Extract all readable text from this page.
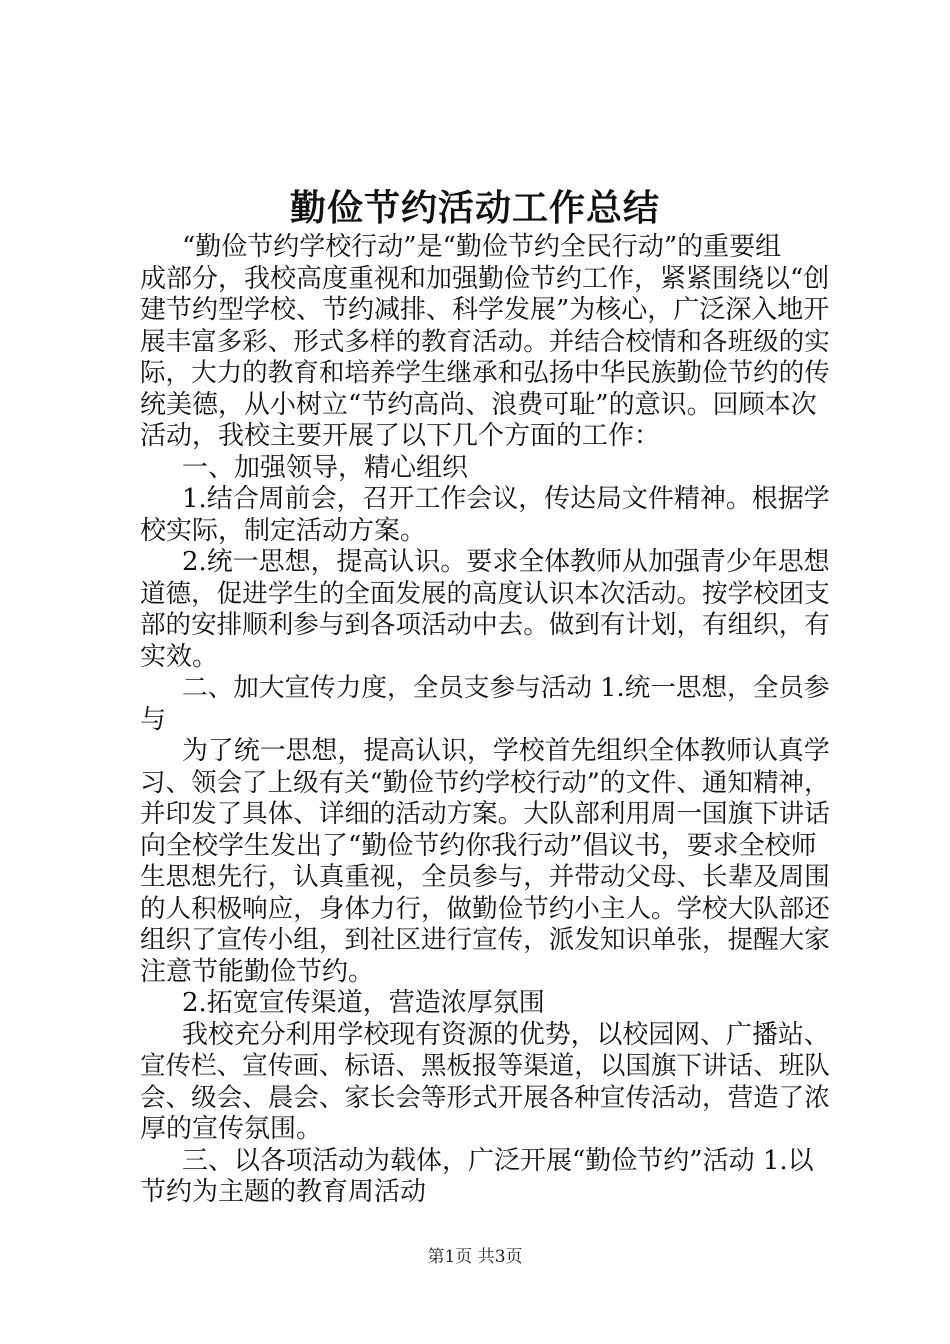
勤俭节约活动工作总结
“勤俭节约学校行动”是“勤俭节约全民行动”的重要组
成部分，我校高度重视和加强勤俭节约工作，紧紧围绕以“创
建节约型学校、节约减排、科学发展”为核心，广泛深入地开
展丰富多彩、形式多样的教育活动。并结合校情和各班级的实
际，大力的教育和培养学生继承和弘扬中华民族勤俭节约的传
统美德，从小树立“节约高尚、浪费可耻”的意识。回顾本次
活动，我校主要开展了以下几个方面的工作：
一、加强领导，精心组织
1.结合周前会，召开工作会议，传达局文件精神。根据学
校实际，制定活动方案。
2.统一思想，提高认识。要求全体教师从加强青少年思想
道德，促进学生的全面发展的高度认识本次活动。按学校团支
部的安排顺利参与到各项活动中去。做到有计划，有组织，有
实效。
二、加大宣传力度，全员支参与活动 1.统一思想，全员参
与
为了统一思想，提高认识，学校首先组织全体教师认真学
习、领会了上级有关“勤俭节约学校行动”的文件、通知精神，
并印发了具体、详细的活动方案。大队部利用周一国旗下讲话
向全校学生发出了“勤俭节约你我行动”倡议书，要求全校师
生思想先行，认真重视，全员参与，并带动父母、长辈及周围
的人积极响应，身体力行，做勤俭节约小主人。学校大队部还
组织了宣传小组，到社区进行宣传，派发知识单张，提醒大家
注意节能勤俭节约。
2.拓宽宣传渠道，营造浓厚氛围
我校充分利用学校现有资源的优势，以校园网、广播站、
宣传栏、宣传画、标语、黑板报等渠道，以国旗下讲话、班队
会、级会、晨会、家长会等形式开展各种宣传活动，营造了浓
厚的宣传氛围。
三、以各项活动为载体，广泛开展“勤俭节约”活动 1.以
节约为主题的教育周活动
第1页 共3页
